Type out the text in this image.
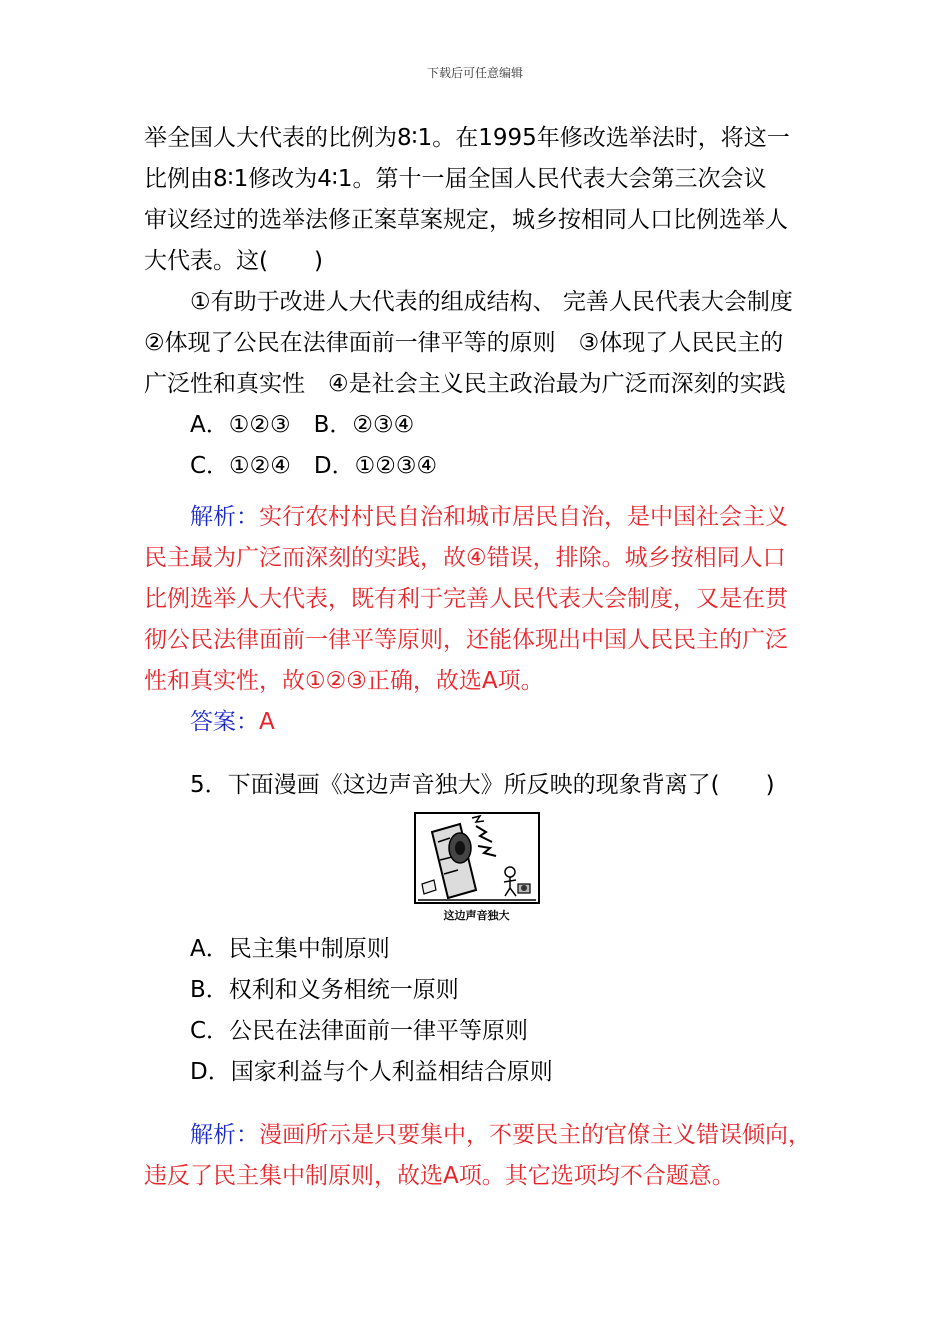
下载后可任意编辑
举全国人大代表的比例为8∶1。在1995年修改选举法时，将这一
比例由8∶1修改为4∶1。第十一届全国人民代表大会第三次会议
审议经过的选举法修正案草案规定，城乡按相同人口比例选举人
大代表。这(　　)
①有助于改进人大代表的组成结构、 完善人民代表大会制度
②体现了公民在法律面前一律平等的原则　③体现了人民民主的
广泛性和真实性　④是社会主义民主政治最为广泛而深刻的实践
A．①②③　B．②③④
C．①②④　D．①②③④
解析：实行农村村民自治和城市居民自治，是中国社会主义
民主最为广泛而深刻的实践，故④错误，排除。城乡按相同人口
比例选举人大代表，既有利于完善人民代表大会制度，又是在贯
彻公民法律面前一律平等原则，还能体现出中国人民民主的广泛
性和真实性，故①②③正确，故选A项。
答案：A
5．下面漫画《这边声音独大》所反映的现象背离了(　　)
这边声音独大
A．民主集中制原则
B．权利和义务相统一原则
C．公民在法律面前一律平等原则
D．国家利益与个人利益相结合原则
解析：漫画所示是只要集中，不要民主的官僚主义错误倾向，
违反了民主集中制原则，故选A项。其它选项均不合题意。
